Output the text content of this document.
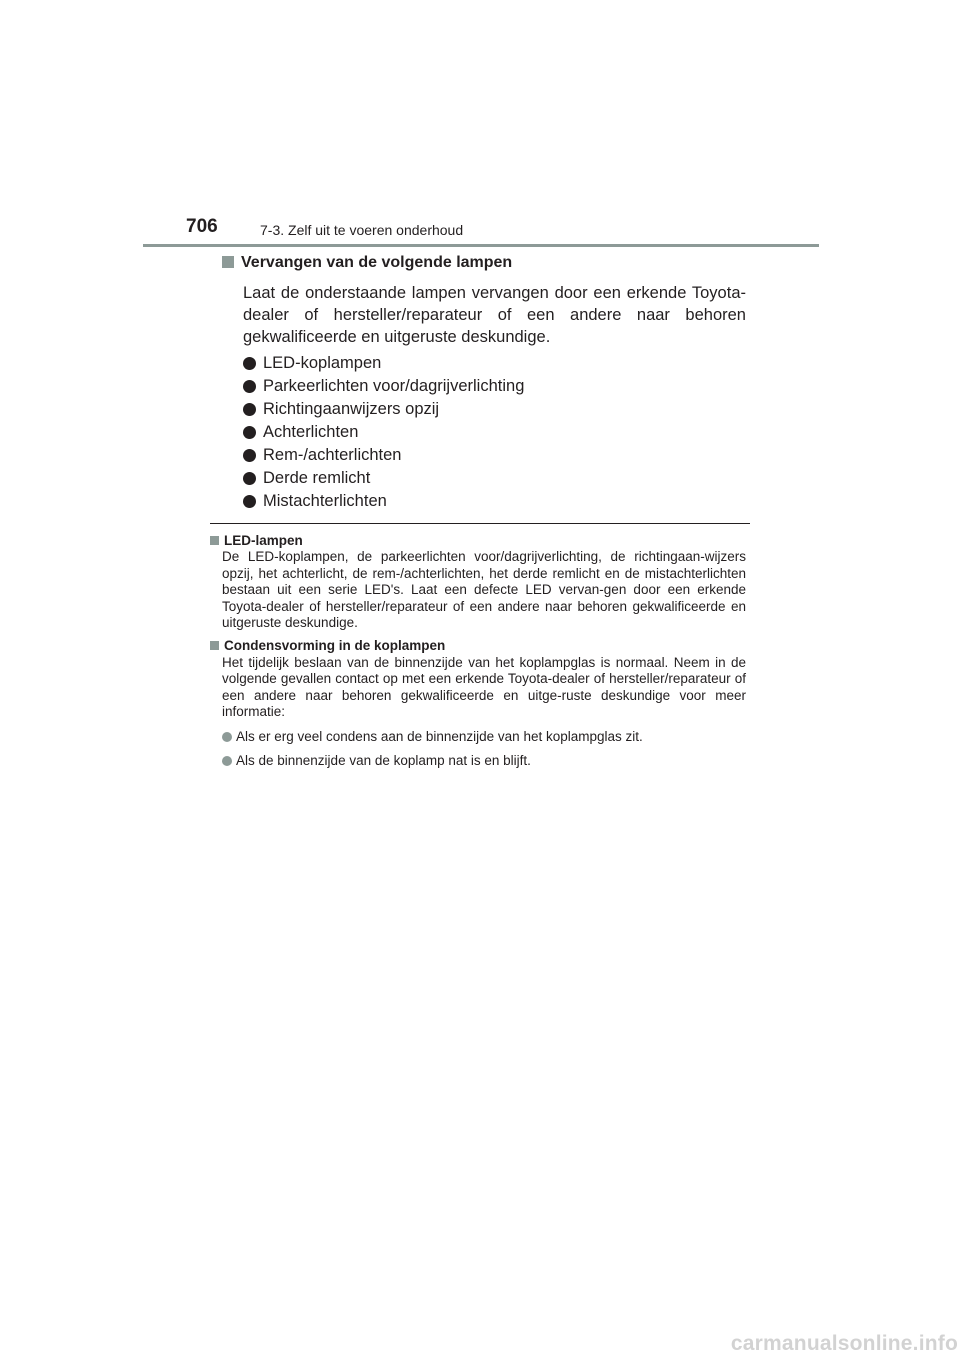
706	7-3. Zelf uit te voeren onderhoud
Vervangen van de volgende lampen
Laat de onderstaande lampen vervangen door een erkende Toyota-dealer of hersteller/reparateur of een andere naar behoren gekwalificeerde en uitgeruste deskundige.
LED-koplampen
Parkeerlichten voor/dagrijverlichting
Richtingaanwijzers opzij
Achterlichten
Rem-/achterlichten
Derde remlicht
Mistachterlichten
LED-lampen
De LED-koplampen, de parkeerlichten voor/dagrijverlichting, de richtingaan-wijzers opzij, het achterlicht, de rem-/achterlichten, het derde remlicht en de mistachterlichten bestaan uit een serie LED's. Laat een defecte LED vervan-gen door een erkende Toyota-dealer of hersteller/reparateur of een andere naar behoren gekwalificeerde en uitgeruste deskundige.
Condensvorming in de koplampen
Het tijdelijk beslaan van de binnenzijde van het koplampglas is normaal. Neem in de volgende gevallen contact op met een erkende Toyota-dealer of hersteller/reparateur of een andere naar behoren gekwalificeerde en uitge-ruste deskundige voor meer informatie:
Als er erg veel condens aan de binnenzijde van het koplampglas zit.
Als de binnenzijde van de koplamp nat is en blijft.
carmanualsonline.info
